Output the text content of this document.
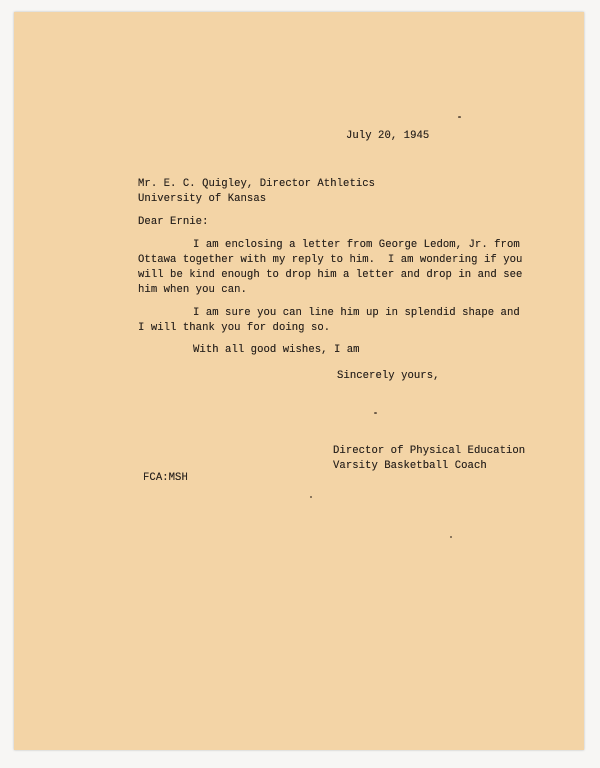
July 20, 1945
Mr. E. C. Quigley, Director Athletics
University of Kansas
Dear Ernie:
I am enclosing a letter from George Ledom, Jr. from
Ottawa together with my reply to him.  I am wondering if you
will be kind enough to drop him a letter and drop in and see
him when you can.
I am sure you can line him up in splendid shape and
I will thank you for doing so.
With all good wishes, I am
Sincerely yours,
Director of Physical Education
Varsity Basketball Coach
FCA:MSH
